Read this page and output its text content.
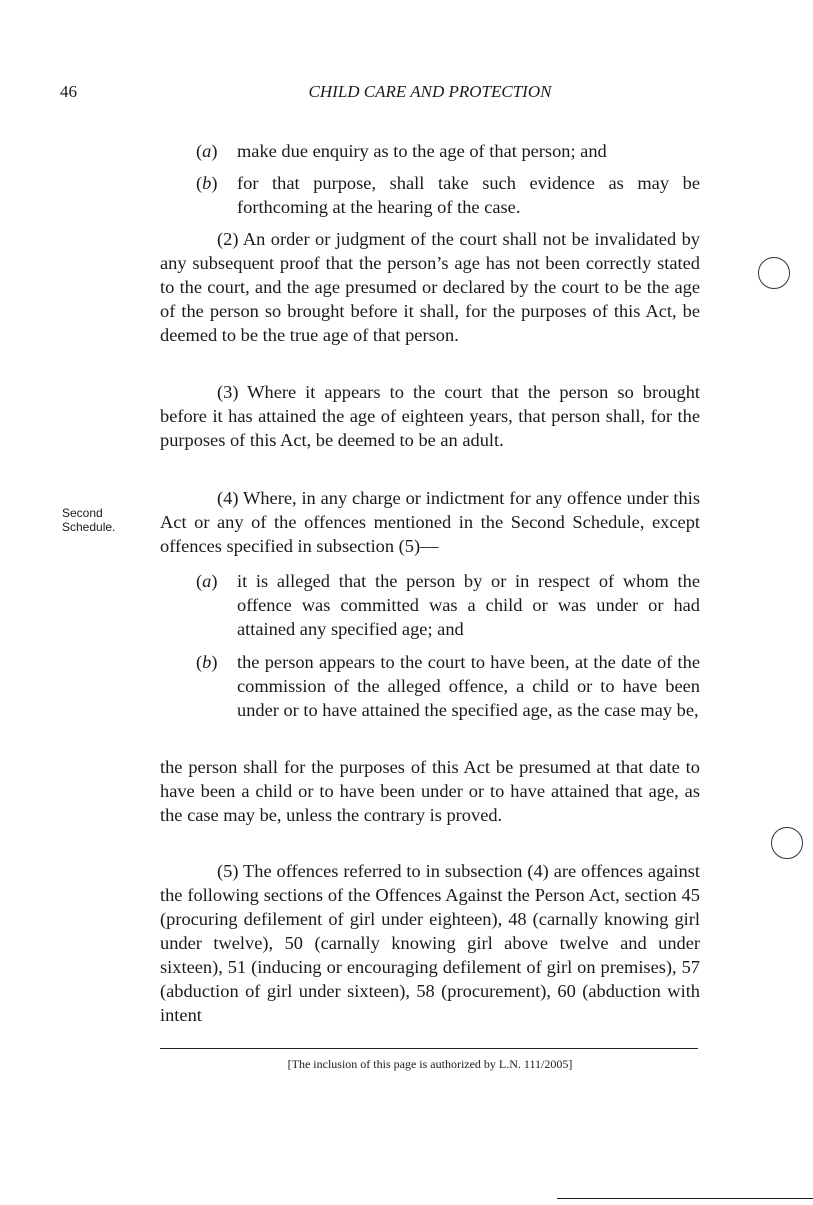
46	CHILD CARE AND PROTECTION
(a)	make due enquiry as to the age of that person; and
(b)	for that purpose, shall take such evidence as may be forthcoming at the hearing of the case.

(2) An order or judgment of the court shall not be invalidated by any subsequent proof that the person’s age has not been correctly stated to the court, and the age presumed or declared by the court to be the age of the person so brought before it shall, for the purposes of this Act, be deemed to be the true age of that person.

(3) Where it appears to the court that the person so brought before it has attained the age of eighteen years, that person shall, for the purposes of this Act, be deemed to be an adult.

Second
Schedule.

(4) Where, in any charge or indictment for any offence under this Act or any of the offences mentioned in the Second Schedule, except offences specified in subsection (5)—

(a)	it is alleged that the person by or in respect of whom the offence was committed was a child or was under or had attained any specified age; and
(b)	the person appears to the court to have been, at the date of the commission of the alleged offence, a child or to have been under or to have attained the specified age, as the case may be,

the person shall for the purposes of this Act be presumed at that date to have been a child or to have been under or to have attained that age, as the case may be, unless the contrary is proved.

(5) The offences referred to in subsection (4) are offences against the following sections of the Offences Against the Person Act, section 45 (procuring defilement of girl under eighteen), 48 (carnally knowing girl under twelve), 50 (carnally knowing girl above twelve and under sixteen), 51 (inducing or encouraging defilement of girl on premises), 57 (abduction of girl under sixteen), 58 (procurement), 60 (abduction with intent

[The inclusion of this page is authorized by L.N. 111/2005]
